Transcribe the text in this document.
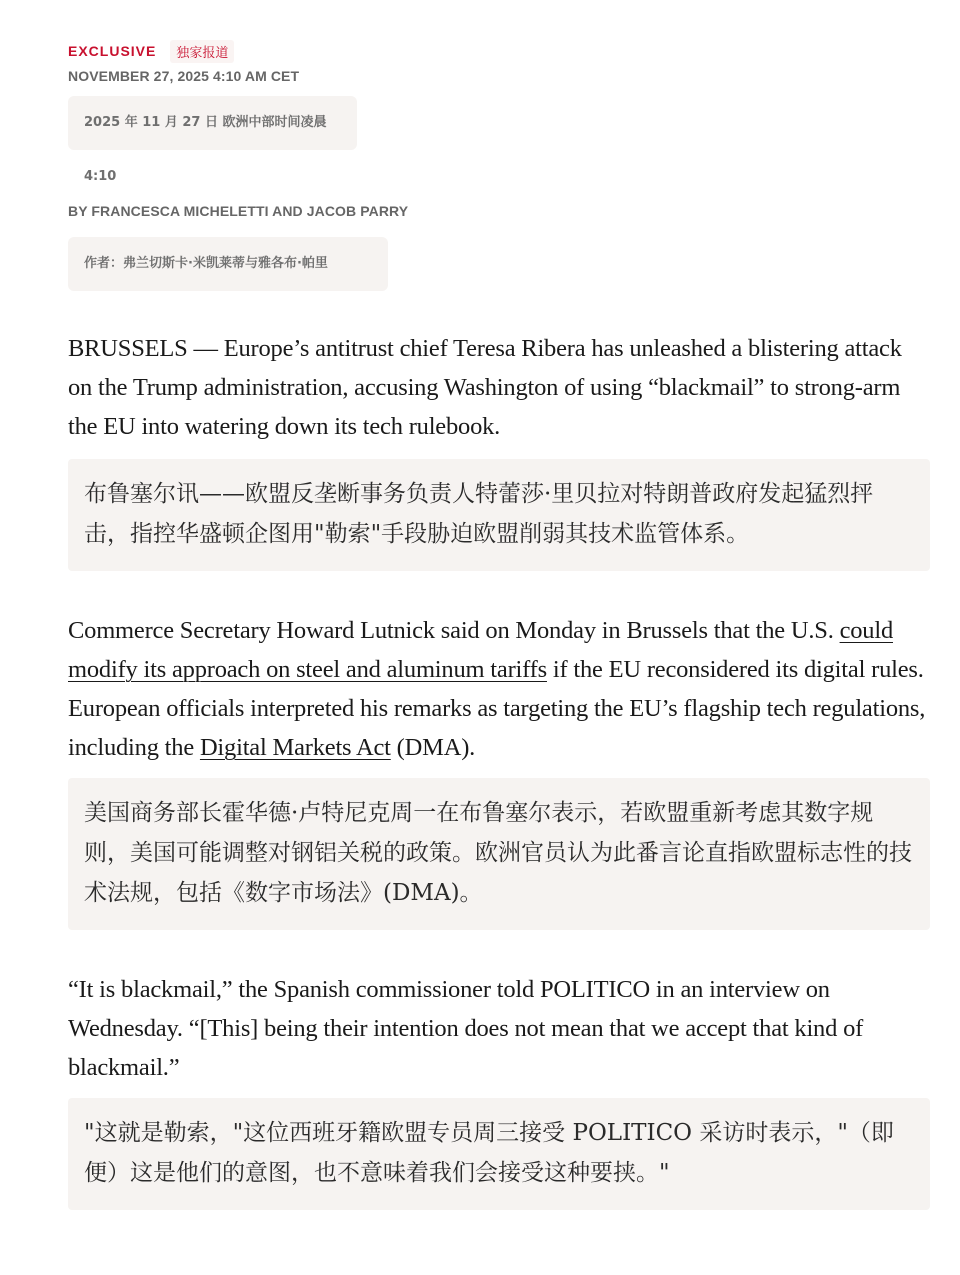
EXCLUSIVE	独家报道
NOVEMBER 27, 2025 4:10 AM CET
2025 年 11 月 27 日 欧洲中部时间凌晨 4:10
BY FRANCESCA MICHELETTI AND JACOB PARRY
作者：弗兰切斯卡·米凯莱蒂与雅各布·帕里

BRUSSELS — Europe’s antitrust chief Teresa Ribera has unleashed a blistering attack on the Trump administration, accusing Washington of using “blackmail” to strong-arm the EU into watering down its tech rulebook.

布鲁塞尔讯——欧盟反垄断事务负责人特蕾莎·里贝拉对特朗普政府发起猛烈抨击，指控华盛顿企图用"勒索"手段胁迫欧盟削弱其技术监管体系。

Commerce Secretary Howard Lutnick said on Monday in Brussels that the U.S. could modify its approach on steel and aluminum tariffs if the EU reconsidered its digital rules. European officials interpreted his remarks as targeting the EU’s flagship tech regulations, including the Digital Markets Act (DMA).

美国商务部长霍华德·卢特尼克周一在布鲁塞尔表示，若欧盟重新考虑其数字规则，美国可能调整对钢铝关税的政策。欧洲官员认为此番言论直指欧盟标志性的技术法规，包括《数字市场法》(DMA)。

“It is blackmail,” the Spanish commissioner told POLITICO in an interview on Wednesday. “[This] being their intention does not mean that we accept that kind of blackmail.”

"这就是勒索，"这位西班牙籍欧盟专员周三接受 POLITICO 采访时表示，"（即便）这是他们的意图，也不意味着我们会接受这种要挟。"
